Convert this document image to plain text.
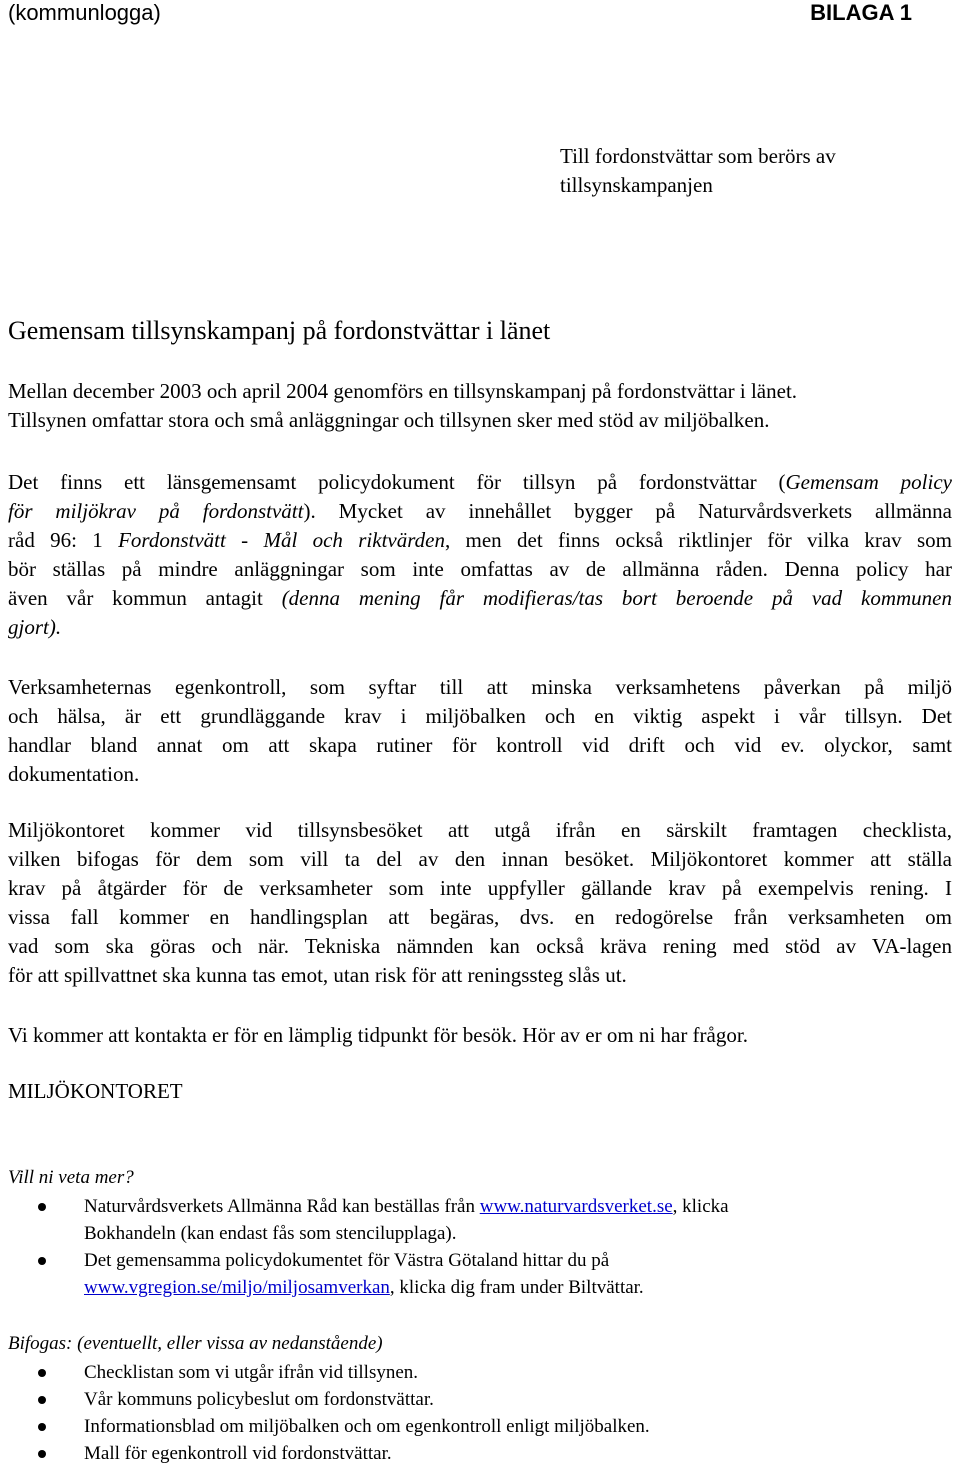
(kommunlogga)	BILAGA 1
Till fordonstvättar som berörs av
tillsynskampanjen
Gemensam tillsynskampanj på fordonstvättar i länet
Mellan december 2003 och april 2004 genomförs en tillsynskampanj på fordonstvättar i länet.
Tillsynen omfattar stora och små anläggningar och tillsynen sker med stöd av miljöbalken.
Det finns ett länsgemensamt policydokument för tillsyn på fordonstvättar (Gemensam policy
för miljökrav på fordonstvätt). Mycket av innehållet bygger på Naturvårdsverkets allmänna
råd 96: 1 Fordonstvätt - Mål och riktvärden, men det finns också riktlinjer för vilka krav som
bör ställas på mindre anläggningar som inte omfattas av de allmänna råden. Denna policy har
även vår kommun antagit (denna mening får modifieras/tas bort beroende på vad kommunen
gjort).
Verksamheternas egenkontroll, som syftar till att minska verksamhetens påverkan på miljö
och hälsa, är ett grundläggande krav i miljöbalken och en viktig aspekt i vår tillsyn. Det
handlar bland annat om att skapa rutiner för kontroll vid drift och vid ev. olyckor, samt
dokumentation.
Miljökontoret kommer vid tillsynsbesöket att utgå ifrån en särskilt framtagen checklista,
vilken bifogas för dem som vill ta del av den innan besöket. Miljökontoret kommer att ställa
krav på åtgärder för de verksamheter som inte uppfyller gällande krav på exempelvis rening. I
vissa fall kommer en handlingsplan att begäras, dvs. en redogörelse från verksamheten om
vad som ska göras och när. Tekniska nämnden kan också kräva rening med stöd av VA-lagen
för att spillvattnet ska kunna tas emot, utan risk för att reningssteg slås ut.
Vi kommer att kontakta er för en lämplig tidpunkt för besök. Hör av er om ni har frågor.
MILJÖKONTORET
Vill ni veta mer?
Naturvårdsverkets Allmänna Råd kan beställas från www.naturvardsverket.se, klicka
Bokhandeln (kan endast fås som stencilupplaga).
Det gemensamma policydokumentet för Västra Götaland hittar du på
www.vgregion.se/miljo/miljosamverkan, klicka dig fram under Biltvättar.
Bifogas: (eventuellt, eller vissa av nedanstående)
Checklistan som vi utgår ifrån vid tillsynen.
Vår kommuns policybeslut om fordonstvättar.
Informationsblad om miljöbalken och om egenkontroll enligt miljöbalken.
Mall för egenkontroll vid fordonstvättar.
